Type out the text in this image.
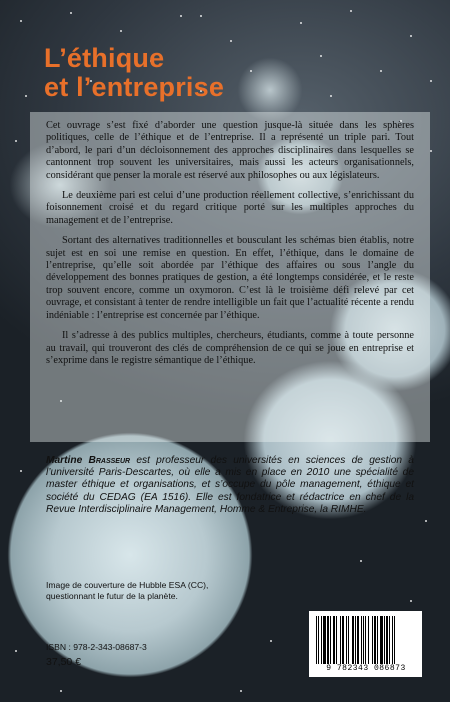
L’éthique
et l’entreprise

Cet ouvrage s’est fixé d’aborder une question jusque-là située dans les sphères politiques, celle de l’éthique et de l’entreprise. Il a représenté un triple pari. Tout d’abord, le pari d’un décloisonnement des approches disciplinaires dans lesquelles se cantonnent trop souvent les universitaires, mais aussi les acteurs organisationnels, considérant que penser la morale est réservé aux philosophes ou aux législateurs.

Le deuxième pari est celui d’une production réellement collective, s’enrichissant du foisonnement croisé et du regard critique porté sur les multiples approches du management et de l’entreprise.

Sortant des alternatives traditionnelles et bousculant les schémas bien établis, notre sujet est en soi une remise en question. En effet, l’éthique, dans le domaine de l’entreprise, qu’elle soit abordée par l’éthique des affaires ou sous l’angle du développement des bonnes pratiques de gestion, a été longtemps considérée, et le reste trop souvent encore, comme un oxymoron. C’est là le troisième défi relevé par cet ouvrage, et consistant à tenter de rendre intelligible un fait que l’actualité récente a rendu indéniable : l’entreprise est concernée par l’éthique.

Il s’adresse à des publics multiples, chercheurs, étudiants, comme à toute personne au travail, qui trouveront des clés de compréhension de ce qui se joue en entreprise et s’exprime dans le registre sémantique de l’éthique.

Martine Brasseur est professeur des universités en sciences de gestion à l’université Paris-Descartes, où elle a mis en place en 2010 une spécialité de master éthique et organisations, et s’occupe du pôle management, éthique et société du CEDAG (EA 1516). Elle est fondatrice et rédactrice en chef de la Revue Interdisciplinaire Management, Homme & Entreprise, la RIMHE.
Image de couverture de Hubble ESA (CC),
questionnant le futur de la planète.
ISBN : 978-2-343-08687-3
37,50 €
9 782343 086873
